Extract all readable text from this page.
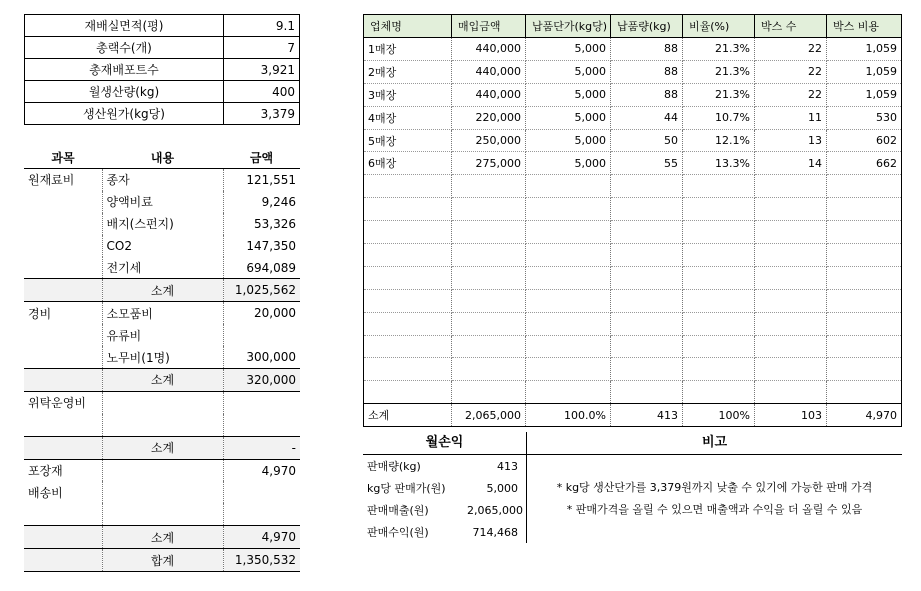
재배실면적(평)	9.1
총랙수(개)	7
총재배포트수	3,921
월생산량(kg)	400
생산원가(kg당)	3,379
과목	내용	금액
원재료비	종자	121,551
	양액비료	9,246
	배지(스펀지)	53,326
	CO2	147,350
	전기세	694,089
	소계	1,025,562
경비	소모품비	20,000
	유류비	
	노무비(1명)	300,000
	소계	320,000
위탁운영비		

	소계	-
포장재		4,970
배송비		

	소계	4,970
	합계	1,350,532
업체명	매입금액	납품단가(kg당)	납품량(kg)	비율(%)	박스 수	박스 비용
1매장	440,000	5,000	88	21.3%	22	1,059
2매장	440,000	5,000	88	21.3%	22	1,059
3매장	440,000	5,000	88	21.3%	22	1,059
4매장	220,000	5,000	44	10.7%	11	530
5매장	250,000	5,000	50	12.1%	13	602
6매장	275,000	5,000	55	13.3%	14	662

소계	2,065,000	100.0%	413	100%	103	4,970
월손익	비고
판매량(kg)	413
kg당 판매가(원)	5,000
판매매출(원)	2,065,000
판매수익(원)	714,468
* kg당 생산단가를 3,379원까지 낮출 수 있기에 가능한 판매 가격
* 판매가격을 올릴 수 있으면 매출액과 수익을 더 올릴 수 있음
